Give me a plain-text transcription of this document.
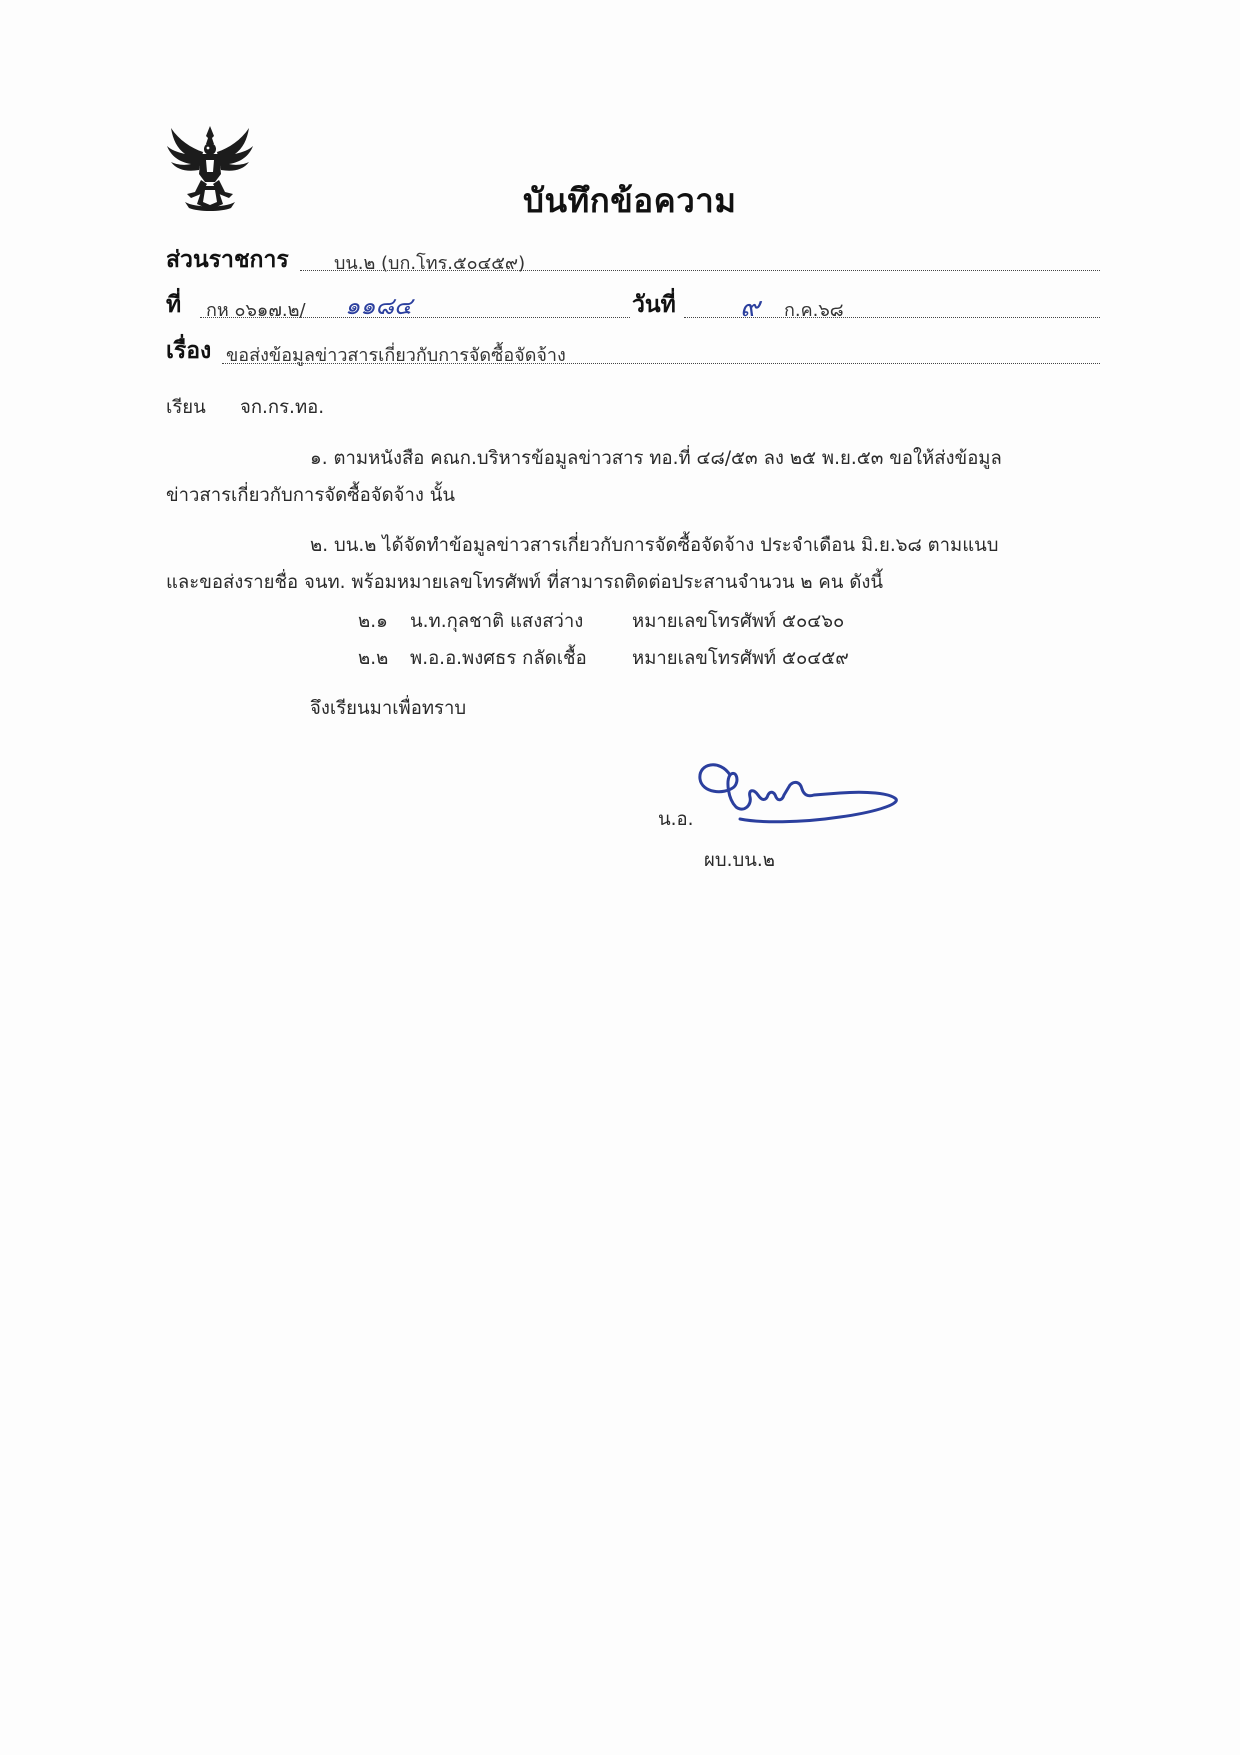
บันทึกข้อความ
ส่วนราชการ	บน.๒ (บก.โทร.๕๐๔๕๙)
ที่ กห ๐๖๑๗.๒/ ๑๑๘๔	วันที่ ๙ ก.ค.๖๘
เรื่อง ขอส่งข้อมูลข่าวสารเกี่ยวกับการจัดซื้อจัดจ้าง
เรียน จก.กร.ทอ.
๑. ตามหนังสือ คณก.บริหารข้อมูลข่าวสาร ทอ.ที่ ๔๘/๕๓ ลง ๒๕ พ.ย.๕๓ ขอให้ส่งข้อมูล
ข่าวสารเกี่ยวกับการจัดซื้อจัดจ้าง นั้น
๒. บน.๒ ได้จัดทำข้อมูลข่าวสารเกี่ยวกับการจัดซื้อจัดจ้าง ประจำเดือน มิ.ย.๖๘ ตามแนบ
และขอส่งรายชื่อ จนท. พร้อมหมายเลขโทรศัพท์ ที่สามารถติดต่อประสานจำนวน ๒ คน ดังนี้
๒.๑ น.ท.กุลชาติ แสงสว่าง	หมายเลขโทรศัพท์ ๕๐๔๖๐
๒.๒ พ.อ.อ.พงศธร กลัดเชื้อ หมายเลขโทรศัพท์ ๕๐๔๕๙
จึงเรียนมาเพื่อทราบ
น.อ.
ผบ.บน.๒
